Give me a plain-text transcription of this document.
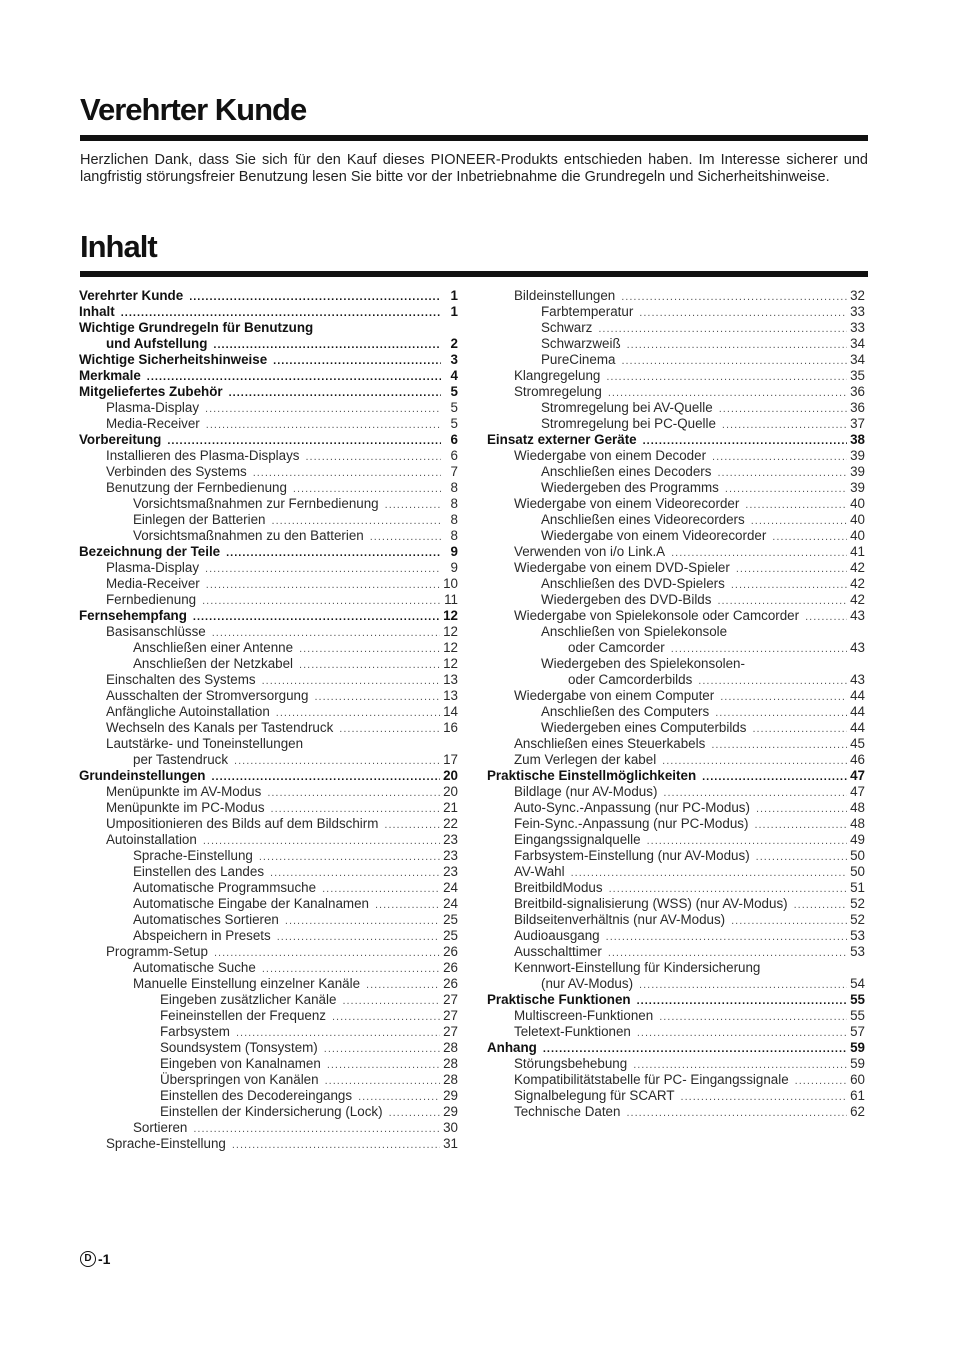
Verehrter Kunde

Herzlichen Dank, dass Sie sich für den Kauf dieses PIONEER-Produkts entschieden haben. Im Interesse sicherer und langfristig störungsfreier Benutzung lesen Sie bitte vor der Inbetriebnahme die Grundregeln und Sicherheitshinweise.

Inhalt
Verehrter Kunde .....	1
Inhalt .....	1
Wichtige Grundregeln für Benutzung
und Aufstellung .....	2
Wichtige Sicherheitshinweise .....	3
Merkmale .....	4
Mitgeliefertes Zubehör .....	5
Plasma-Display .....	5
Media-Receiver .....	5
Vorbereitung .....	6
Installieren des Plasma-Displays .....	6
Verbinden des Systems .....	7
Benutzung der Fernbedienung .....	8
Vorsichtsmaßnahmen zur Fernbedienung .....	8
Einlegen der Batterien .....	8
Vorsichtsmaßnahmen zu den Batterien .....	8
Bezeichnung der Teile .....	9
Plasma-Display .....	9
Media-Receiver .....	10
Fernbedienung .....	11
Fernsehempfang .....	12
Basisanschlüsse .....	12
Anschließen einer Antenne .....	12
Anschließen der Netzkabel .....	12
Einschalten des Systems .....	13
Ausschalten der Stromversorgung .....	13
Anfängliche Autoinstallation .....	14
Wechseln des Kanals per Tastendruck .....	16
Lautstärke- und Toneinstellungen
per Tastendruck .....	17
Grundeinstellungen .....	20
Menüpunkte im AV-Modus .....	20
Menüpunkte im PC-Modus .....	21
Umpositionieren des Bilds auf dem Bildschirm .....	22
Autoinstallation .....	23
Sprache-Einstellung .....	23
Einstellen des Landes .....	23
Automatische Programmsuche .....	24
Automatische Eingabe der Kanalnamen .....	24
Automatisches Sortieren .....	25
Abspeichern in Presets .....	25
Programm-Setup .....	26
Automatische Suche .....	26
Manuelle Einstellung einzelner Kanäle .....	26
Eingeben zusätzlicher Kanäle .....	27
Feineinstellen der Frequenz .....	27
Farbsystem .....	27
Soundsystem (Tonsystem) .....	28
Eingeben von Kanalnamen .....	28
Überspringen von Kanälen .....	28
Einstellen des Decodereingangs .....	29
Einstellen der Kindersicherung (Lock) .....	29
Sortieren .....	30
Sprache-Einstellung .....	31
Bildeinstellungen .....	32
Farbtemperatur .....	33
Schwarz .....	33
Schwarzweiß .....	34
PureCinema .....	34
Klangregelung .....	35
Stromregelung .....	36
Stromregelung bei AV-Quelle .....	36
Stromregelung bei PC-Quelle .....	37
Einsatz externer Geräte .....	38
Wiedergabe von einem Decoder .....	39
Anschließen eines Decoders .....	39
Wiedergeben des Programms .....	39
Wiedergabe von einem Videorecorder .....	40
Anschließen eines Videorecorders .....	40
Wiedergabe von einem Videorecorder .....	40
Verwenden von i/o Link.A .....	41
Wiedergabe von einem DVD-Spieler .....	42
Anschließen des DVD-Spielers .....	42
Wiedergeben des DVD-Bilds .....	42
Wiedergabe von Spielekonsole oder Camcorder .....	43
Anschließen von Spielekonsole
oder Camcorder .....	43
Wiedergeben des Spielekonsolen-
oder Camcorderbilds .....	43
Wiedergabe von einem Computer .....	44
Anschließen des Computers .....	44
Wiedergeben eines Computerbilds .....	44
Anschließen eines Steuerkabels .....	45
Zum Verlegen der kabel .....	46
Praktische Einstellmöglichkeiten .....	47
Bildlage (nur AV-Modus) .....	47
Auto-Sync.-Anpassung (nur PC-Modus) .....	48
Fein-Sync.-Anpassung (nur PC-Modus) .....	48
Eingangssignalquelle .....	49
Farbsystem-Einstellung (nur AV-Modus) .....	50
AV-Wahl .....	50
BreitbildModus .....	51
Breitbild-signalisierung (WSS) (nur AV-Modus) .....	52
Bildseitenverhältnis (nur AV-Modus) .....	52
Audioausgang .....	53
Ausschalttimer .....	53
Kennwort-Einstellung für Kindersicherung
(nur AV-Modus) .....	54
Praktische Funktionen .....	55
Multiscreen-Funktionen .....	55
Teletext-Funktionen .....	57
Anhang .....	59
Störungsbehebung .....	59
Kompatibilitätstabelle für PC- Eingangssignale .....	60
Signalbelegung für SCART .....	61
Technische Daten .....	62
D -1
